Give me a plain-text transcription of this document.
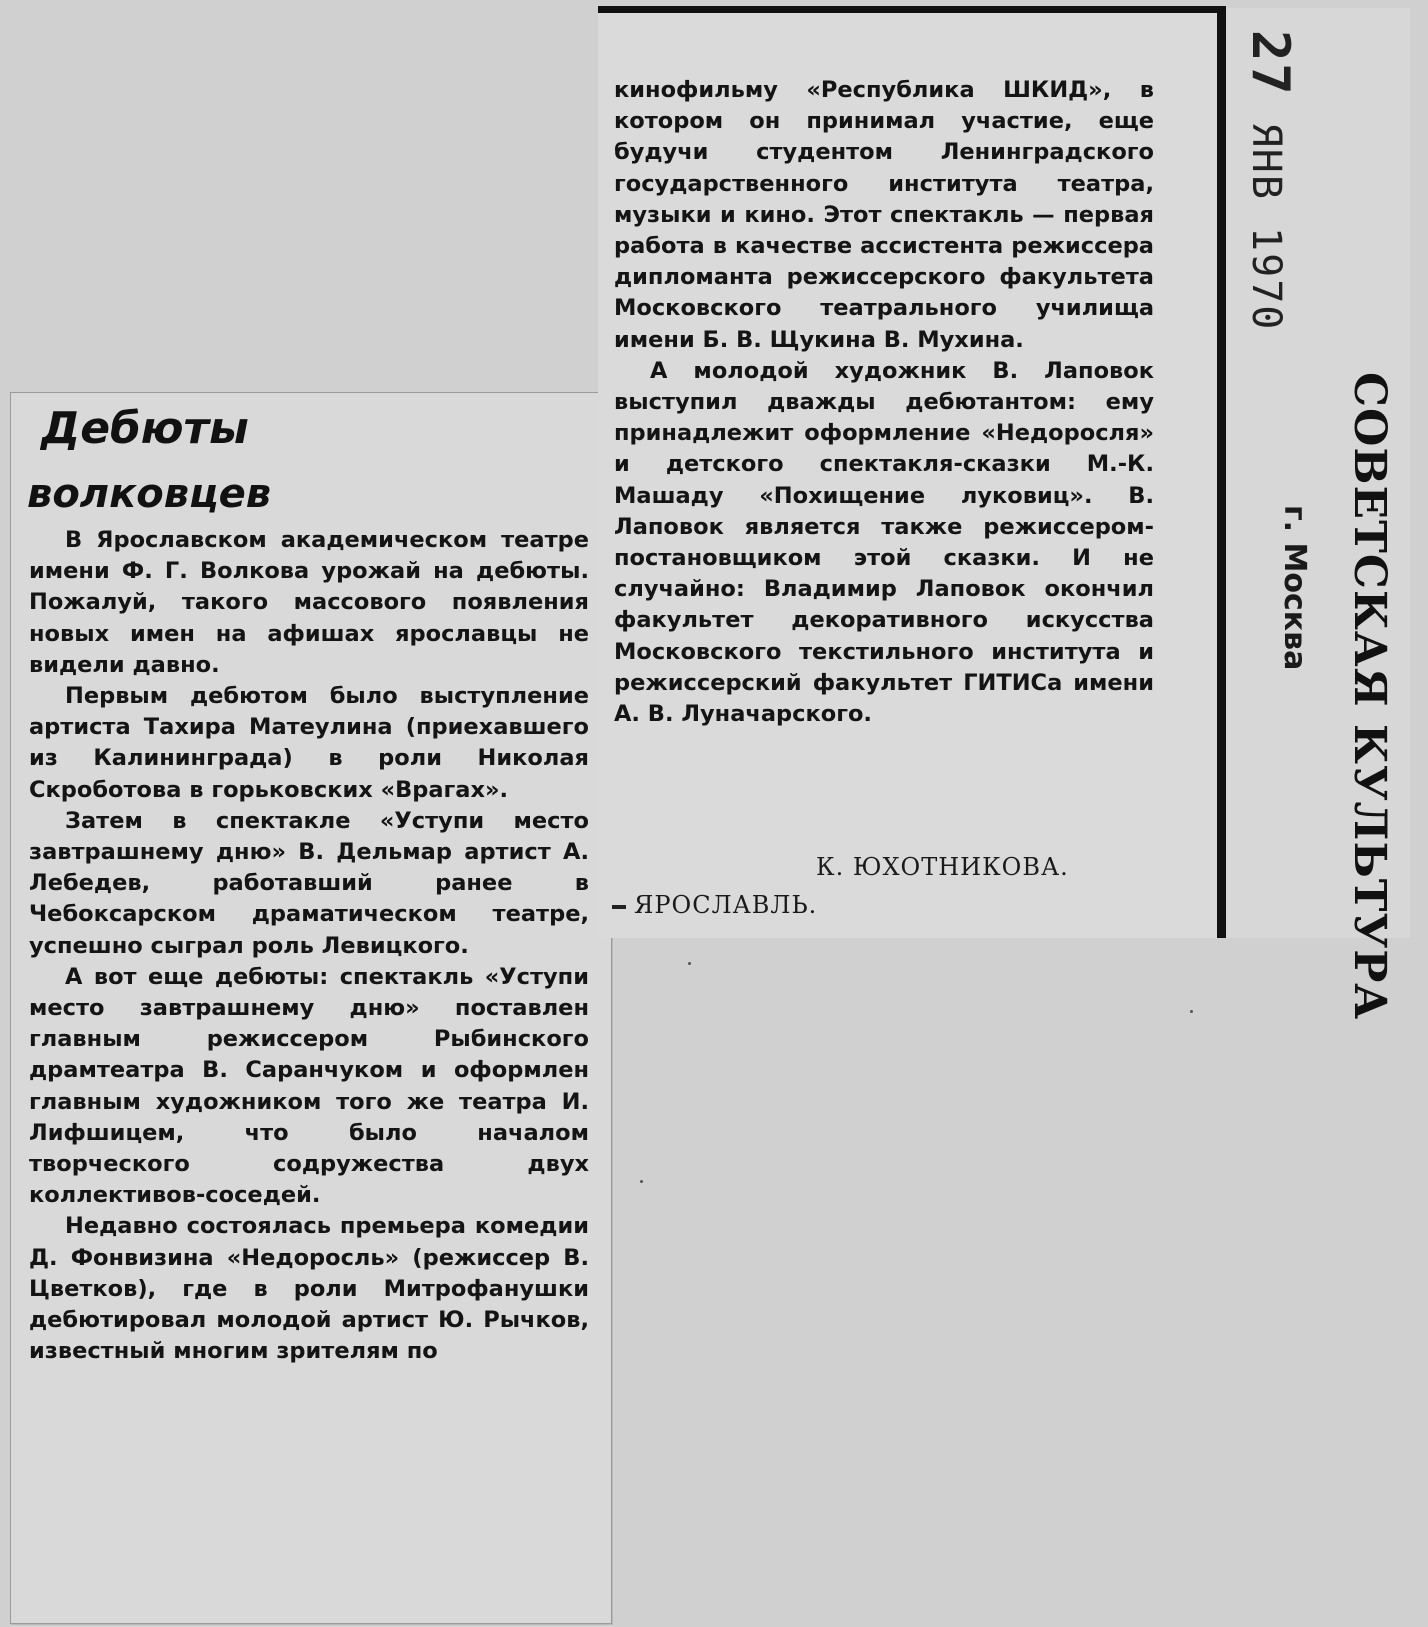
Дебюты
волковцев

В Ярославском академическом театре имени Ф. Г. Волкова урожай на дебюты. Пожалуй, такого массового появления новых имен на афишах ярославцы не видели давно.

Первым дебютом было выступление артиста Тахира Матеулина (приехавшего из Калининграда) в роли Николая Скроботова в горьковских «Врагах».

Затем в спектакле «Уступи место завтрашнему дню» В. Дельмар артист А. Лебедев, работавший ранее в Чебоксарском драматическом театре, успешно сыграл роль Левицкого.

А вот еще дебюты: спектакль «Уступи место завтрашнему дню» поставлен главным режиссером Рыбинского драмтеатра В. Саранчуком и оформлен главным художником того же театра И. Лифшицем, что было началом творческого содружества двух коллективов-соседей.

Недавно состоялась премьера комедии Д. Фонвизина «Недоросль» (режиссер В. Цветков), где в роли Митрофанушки дебютировал молодой артист Ю. Рычков, известный многим зрителям по

кинофильму «Республика ШКИД», в котором он принимал участие, еще будучи студентом Ленинградского государственного института театра, музыки и кино. Этот спектакль — первая работа в качестве ассистента режиссера дипломанта режиссерского факультета Московского театрального училища имени Б. В. Щукина В. Мухина.

А молодой художник В. Лаповок выступил дважды дебютантом: ему принадлежит оформление «Недоросля» и детского спектакля-сказки М.-К. Машаду «Похищение луковиц». В. Лаповок является также режиссером-постановщиком этой сказки. И не случайно: Владимир Лаповок окончил факультет декоративного искусства Московского текстильного института и режиссерский факультет ГИТИСа имени А. В. Луначарского.

К. ЮХОТНИКОВА.
ЯРОСЛАВЛЬ.
27 ЯНВ 1970
СОВЕТСКАЯ КУЛЬТУРА
г. Москва
